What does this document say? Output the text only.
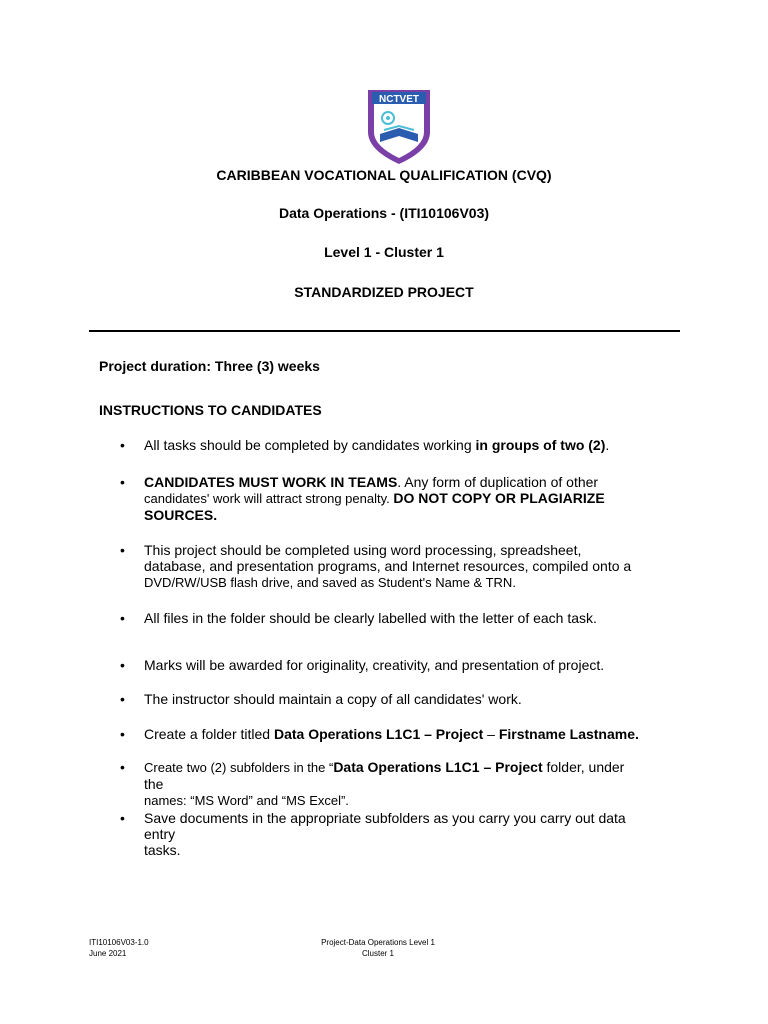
NCTVET
CARIBBEAN VOCATIONAL QUALIFICATION (CVQ)
Data Operations - (ITI10106V03)
Level 1 - Cluster 1
STANDARDIZED PROJECT
Project duration: Three (3) weeks
INSTRUCTIONS TO CANDIDATES
• All tasks should be completed by candidates working in groups of two (2).
• CANDIDATES MUST WORK IN TEAMS. Any form of duplication of other
candidates' work will attract strong penalty. DO NOT COPY OR PLAGIARIZE
SOURCES.
• This project should be completed using word processing, spreadsheet,
database, and presentation programs, and Internet resources, compiled onto a
DVD/RW/USB flash drive, and saved as Student's Name & TRN.
• All files in the folder should be clearly labelled with the letter of each task.
• Marks will be awarded for originality, creativity, and presentation of project.
• The instructor should maintain a copy of all candidates' work.
• Create a folder titled Data Operations L1C1 – Project – Firstname Lastname.
• Create two (2) subfolders in the “Data Operations L1C1 – Project folder, under the
names: “MS Word” and “MS Excel”.
• Save documents in the appropriate subfolders as you carry you carry out data entry
tasks.
ITI10106V03-1.0
June 2021
Project-Data Operations Level 1
Cluster 1
